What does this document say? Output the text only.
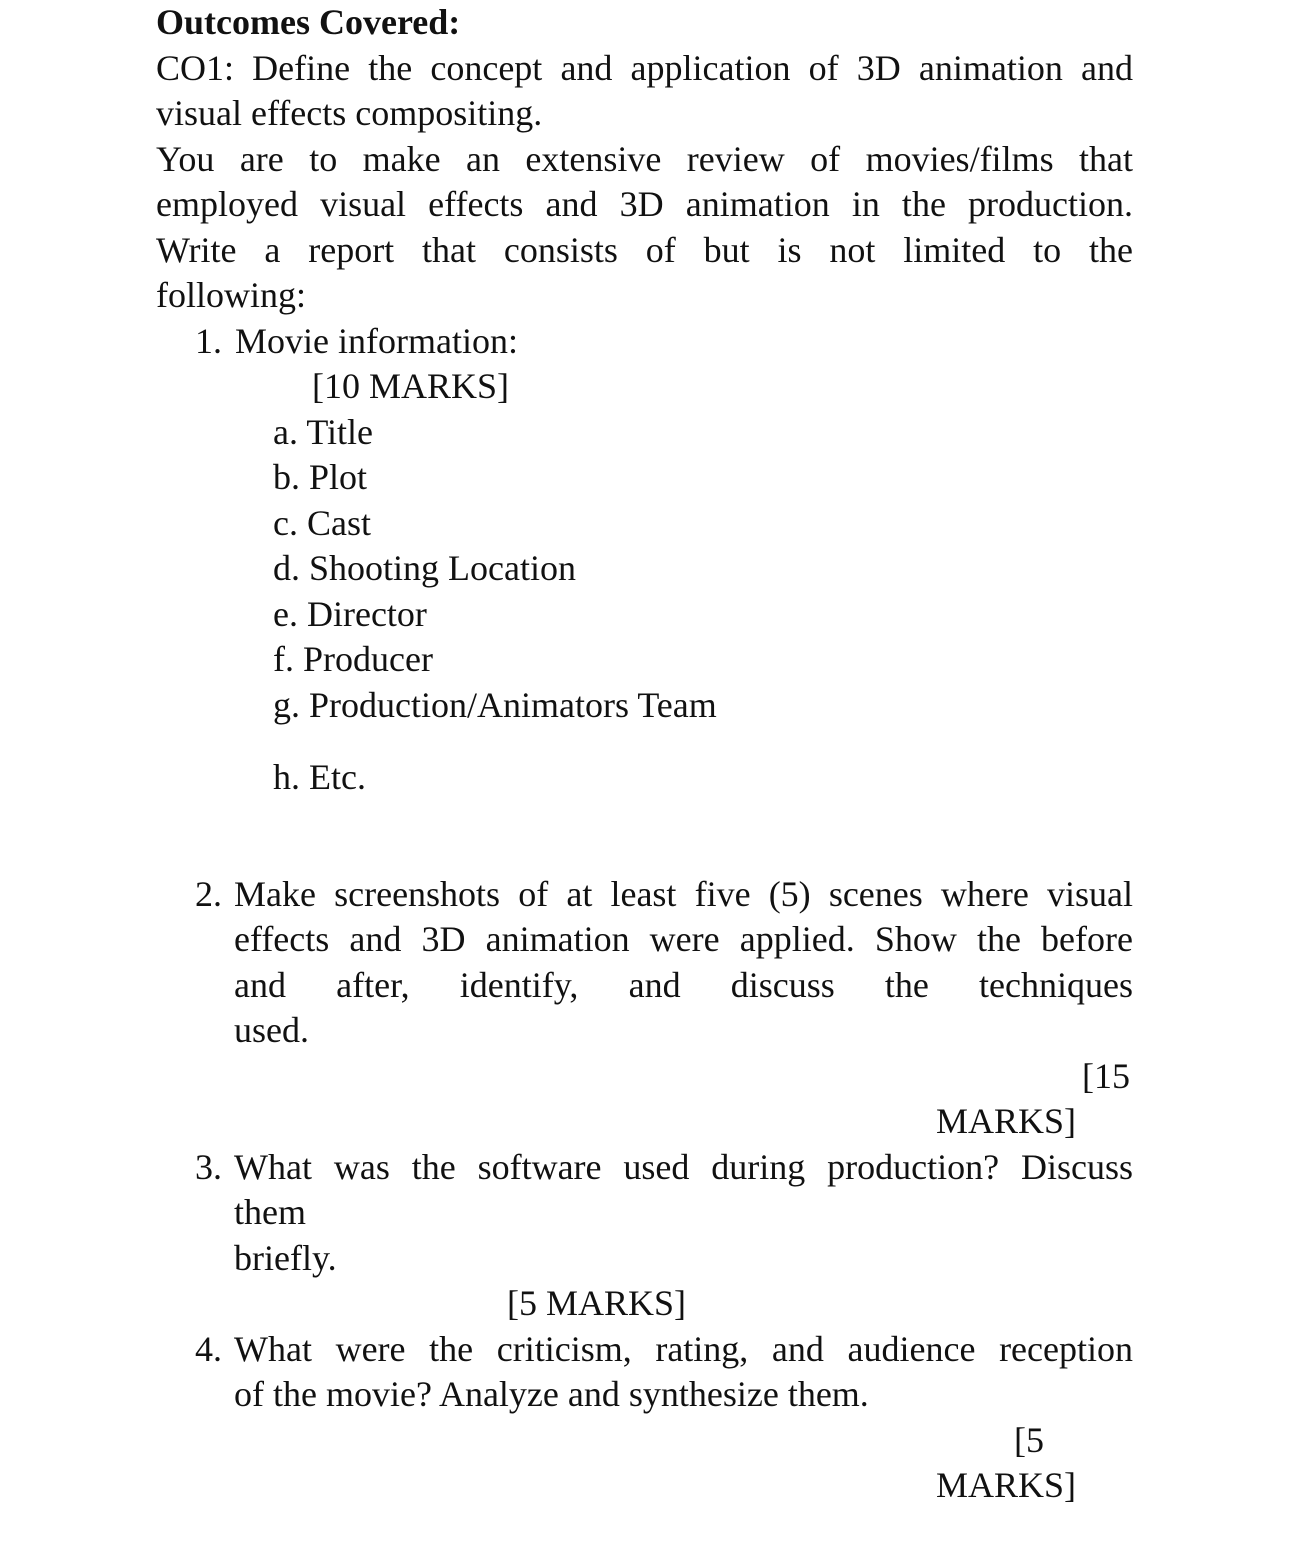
Outcomes Covered:
CO1: Define the concept and application of 3D animation and
visual effects compositing.
You are to make an extensive review of movies/films that
employed visual effects and 3D animation in the production.
Write a report that consists of but is not limited to the
following:
1. Movie information:
[10 MARKS]
a. Title
b. Plot
c. Cast
d. Shooting Location
e. Director
f. Producer
g. Production/Animators Team
h. Etc.
2. Make screenshots of at least five (5) scenes where visual
effects and 3D animation were applied. Show the before
and after, identify, and discuss the techniques
used.
[15
MARKS]
3. What was the software used during production? Discuss
them
briefly.
[5 MARKS]
4. What were the criticism, rating, and audience reception
of the movie? Analyze and synthesize them.
[5
MARKS]
